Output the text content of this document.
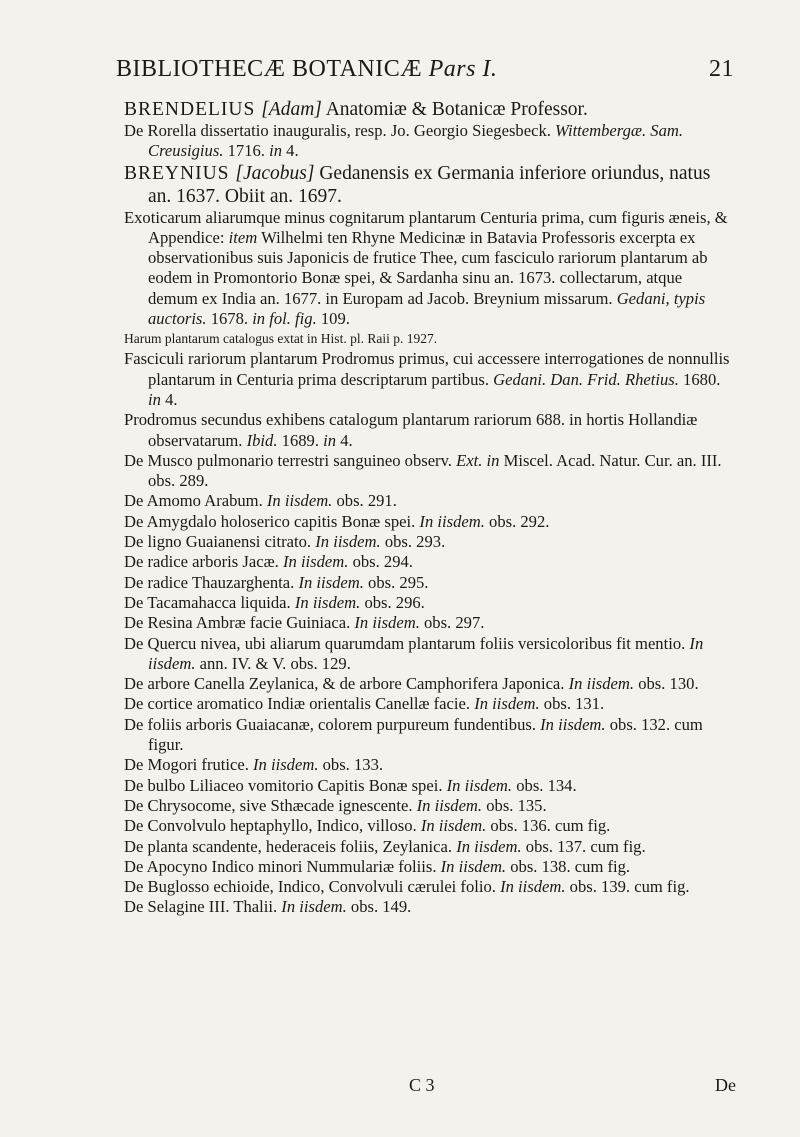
BIBLIOTHECÆ BOTANICÆ Pars I.	21

BRENDELIUS [Adam] Anatomiæ & Botanicæ Professor.

De Rorella dissertatio inauguralis, resp. Jo. Georgio Siegesbeck. Wittembergæ. Sam. Creusigius. 1716. in 4.

BREYNIUS [Jacobus] Gedanensis ex Germania inferiore oriundus, natus an. 1637. Obiit an. 1697.

Exoticarum aliarumque minus cognitarum plantarum Centuria prima, cum figuris æneis, & Appendice: item Wilhelmi ten Rhyne Medicinæ in Batavia Professoris excerpta ex observationibus suis Japonicis de frutice Thee, cum fasciculo rariorum plantarum ab eodem in Promontorio Bonæ spei, & Sardanha sinu an. 1673. collectarum, atque demum ex India an. 1677. in Europam ad Jacob. Breynium missarum. Gedani, typis auctoris. 1678. in fol. fig. 109.

Harum plantarum catalogus extat in Hist. pl. Raii p. 1927.

Fasciculi rariorum plantarum Prodromus primus, cui accessere interrogationes de nonnullis plantarum in Centuria prima descriptarum partibus. Gedani. Dan. Frid. Rhetius. 1680. in 4.

Prodromus secundus exhibens catalogum plantarum rariorum 688. in hortis Hollandiæ observatarum. Ibid. 1689. in 4.

De Musco pulmonario terrestri sanguineo observ. Ext. in Miscel. Acad. Natur. Cur. an. III. obs. 289.

De Amomo Arabum. In iisdem. obs. 291.

De Amygdalo holoserico capitis Bonæ spei. In iisdem. obs. 292.

De ligno Guaianensi citrato. In iisdem. obs. 293.

De radice arboris Jacæ. In iisdem. obs. 294.

De radice Thauzarghenta. In iisdem. obs. 295.

De Tacamahacca liquida. In iisdem. obs. 296.

De Resina Ambræ facie Guiniaca. In iisdem. obs. 297.

De Quercu nivea, ubi aliarum quarumdam plantarum foliis versicoloribus fit mentio. In iisdem. ann. IV. & V. obs. 129.

De arbore Canella Zeylanica, & de arbore Camphorifera Japonica. In iisdem. obs. 130.

De cortice aromatico Indiæ orientalis Canellæ facie. In iisdem. obs. 131.

De foliis arboris Guaiacanæ, colorem purpureum fundentibus. In iisdem. obs. 132. cum figur.

De Mogori frutice. In iisdem. obs. 133.

De bulbo Liliaceo vomitorio Capitis Bonæ spei. In iisdem. obs. 134.

De Chrysocome, sive Sthæcade ignescente. In iisdem. obs. 135.

De Convolvulo heptaphyllo, Indico, villoso. In iisdem. obs. 136. cum fig.

De planta scandente, hederaceis foliis, Zeylanica. In iisdem. obs. 137. cum fig.

De Apocyno Indico minori Nummulariæ foliis. In iisdem. obs. 138. cum fig.

De Buglosso echioide, Indico, Convolvuli cærulei folio. In iisdem. obs. 139. cum fig.

De Selagine III. Thalii. In iisdem. obs. 149.

C 3	De
